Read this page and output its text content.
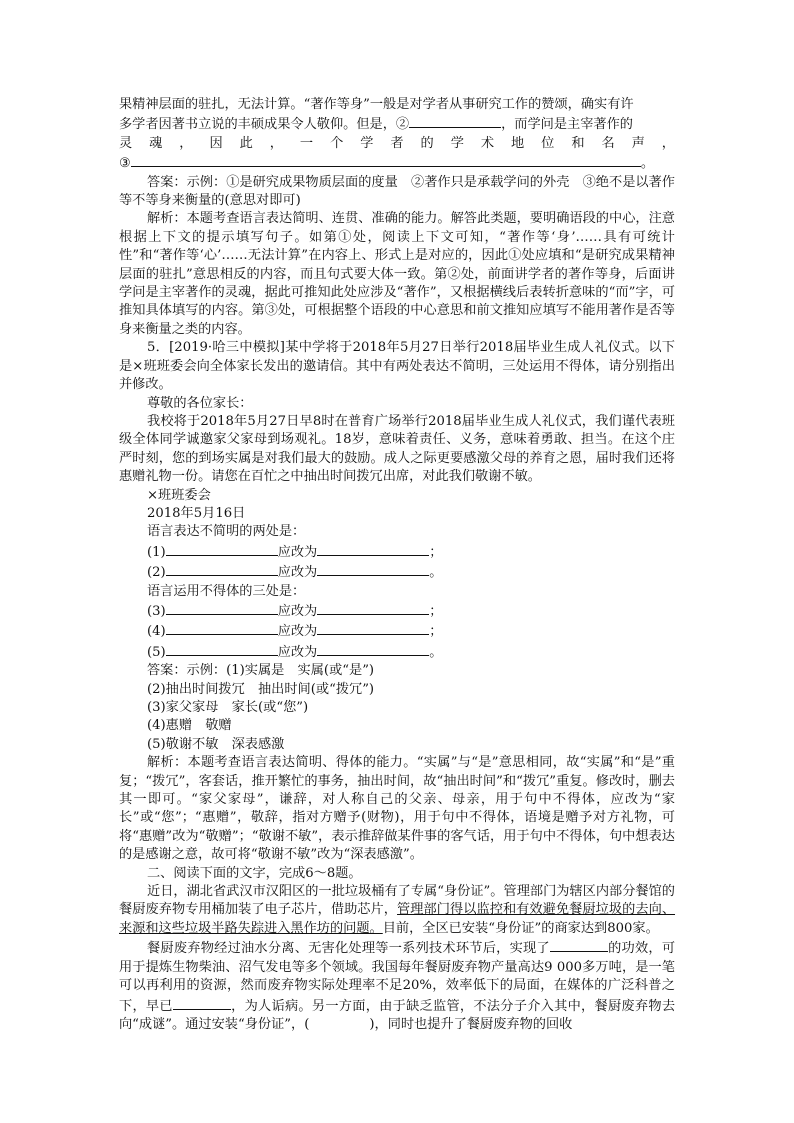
果精神层面的驻扎，无法计算。“著作等身”一般是对学者从事研究工作的赞颂，确实有许

多学者因著书立说的丰硕成果令人敬仰。但是，②	，而学问是主宰著作的

灵魂，因此，一个学者的学术地位和名声，

③	。

答案：示例：①是研究成果物质层面的度量　②著作只是承载学问的外壳　③绝不是以著作等不等身来衡量的(意思对即可)

解析：本题考查语言表达简明、连贯、准确的能力。解答此类题，要明确语段的中心，注意根据上下文的提示填写句子。如第①处，阅读上下文可知，“著作等‘身’……具有可统计性”和“著作等‘心’……无法计算”在内容上、形式上是对应的，因此①处应填和“是研究成果精神层面的驻扎”意思相反的内容，而且句式要大体一致。第②处，前面讲学者的著作等身，后面讲学问是主宰著作的灵魂，据此可推知此处应涉及“著作”，又根据横线后表转折意味的“而”字，可推知具体填写的内容。第③处，可根据整个语段的中心意思和前文推知应填写不能用著作是否等身来衡量之类的内容。

5．[2019·哈三中模拟]某中学将于2018年5月27日举行2018届毕业生成人礼仪式。以下是×班班委会向全体家长发出的邀请信。其中有两处表达不简明，三处运用不得体，请分别指出并修改。

尊敬的各位家长：

我校将于2018年5月27日早8时在普育广场举行2018届毕业生成人礼仪式，我们谨代表班级全体同学诚邀家父家母到场观礼。18岁，意味着责任、义务，意味着勇敢、担当。在这个庄严时刻，您的到场实属是对我们最大的鼓励。成人之际更要感激父母的养育之恩，届时我们还将惠赠礼物一份。请您在百忙之中抽出时间拨冗出席，对此我们敬谢不敏。

×班班委会

2018年5月16日

语言表达不简明的两处是：

(1)	应改为	；

(2)	应改为	。

语言运用不得体的三处是：

(3)	应改为	；

(4)	应改为	；

(5)	应改为	。

答案：示例：(1)实属是　实属(或“是”)

(2)抽出时间拨冗　抽出时间(或“拨冗”)

(3)家父家母　家长(或“您”)

(4)惠赠　敬赠

(5)敬谢不敏　深表感激

解析：本题考查语言表达简明、得体的能力。“实属”与“是”意思相同，故“实属”和“是”重复；“拨冗”，客套话，推开繁忙的事务，抽出时间，故“抽出时间”和“拨冗”重复。修改时，删去其一即可。“家父家母”，谦辞，对人称自己的父亲、母亲，用于句中不得体，应改为“家长”或“您”；“惠赠”，敬辞，指对方赠予(财物)，用于句中不得体，语境是赠予对方礼物，可将“惠赠”改为“敬赠”；“敬谢不敏”，表示推辞做某件事的客气话，用于句中不得体，句中想表达的是感谢之意，故可将“敬谢不敏”改为“深表感激”。

二、阅读下面的文字，完成6～8题。

近日，湖北省武汉市汉阳区的一批垃圾桶有了专属“身份证”。管理部门为辖区内部分餐馆的餐厨废弃物专用桶加装了电子芯片，借助芯片，管理部门得以监控和有效避免餐厨垃圾的去向、来源和这些垃圾半路失踪进入黑作坊的问题。目前，全区已安装“身份证”的商家达到800家。

餐厨废弃物经过油水分离、无害化处理等一系列技术环节后，实现了	的功效，可用于提炼生物柴油、沼气发电等多个领域。我国每年餐厨废弃物产量高达9 000多万吨，是一笔可以再利用的资源，然而废弃物实际处理率不足20%，效率低下的局面，在媒体的广泛科普之下，早已	，为人诟病。另一方面，由于缺乏监管，不法分子介入其中，餐厨废弃物去向“成谜”。通过安装“身份证”，(	)，同时也提升了餐厨废弃物的回收
